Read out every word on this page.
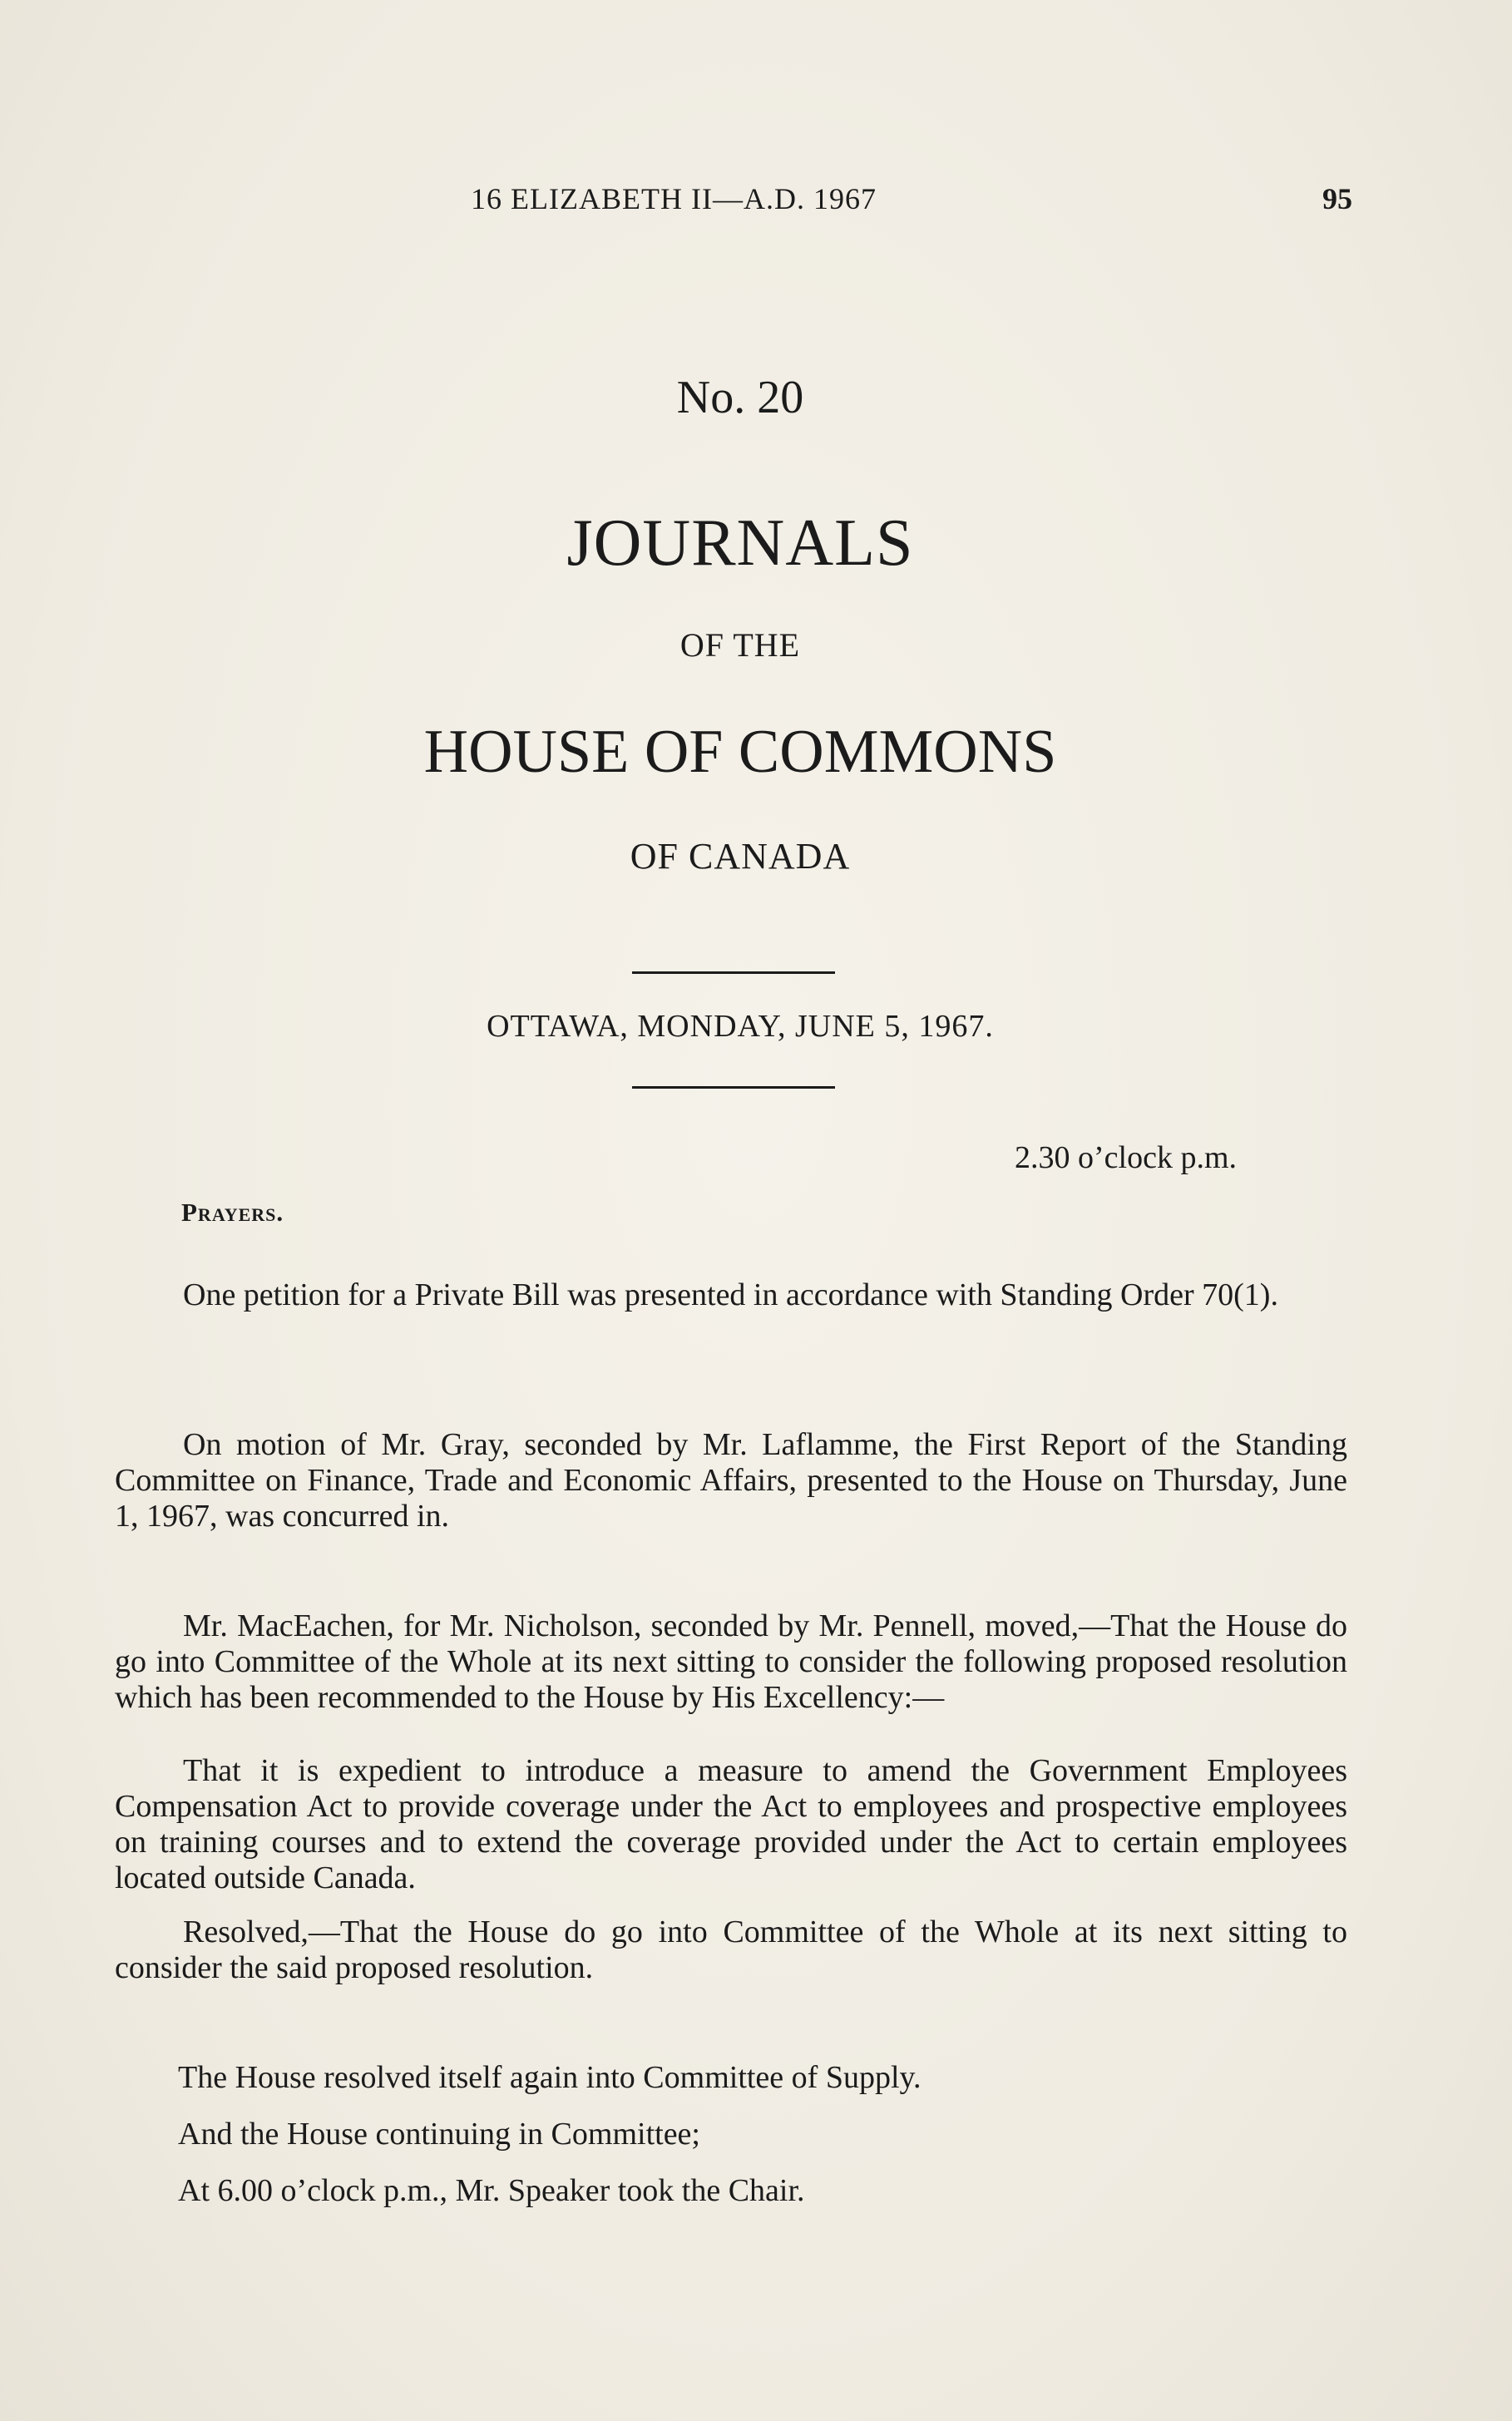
16 ELIZABETH II—A.D. 1967	95
No. 20
JOURNALS
OF THE
HOUSE OF COMMONS
OF CANADA
OTTAWA, MONDAY, JUNE 5, 1967.
2.30 o’clock p.m.
Prayers.

One petition for a Private Bill was presented in accordance with Standing Order 70(1).

On motion of Mr. Gray, seconded by Mr. Laflamme, the First Report of the Standing Committee on Finance, Trade and Economic Affairs, presented to the House on Thursday, June 1, 1967, was concurred in.

Mr. MacEachen, for Mr. Nicholson, seconded by Mr. Pennell, moved,—That the House do go into Committee of the Whole at its next sitting to consider the following proposed resolution which has been recommended to the House by His Excellency:—

That it is expedient to introduce a measure to amend the Government Employees Compensation Act to provide coverage under the Act to employees and prospective employees on training courses and to extend the coverage provided under the Act to certain employees located outside Canada.

Resolved,—That the House do go into Committee of the Whole at its next sitting to consider the said proposed resolution.

The House resolved itself again into Committee of Supply.

And the House continuing in Committee;

At 6.00 o’clock p.m., Mr. Speaker took the Chair.
